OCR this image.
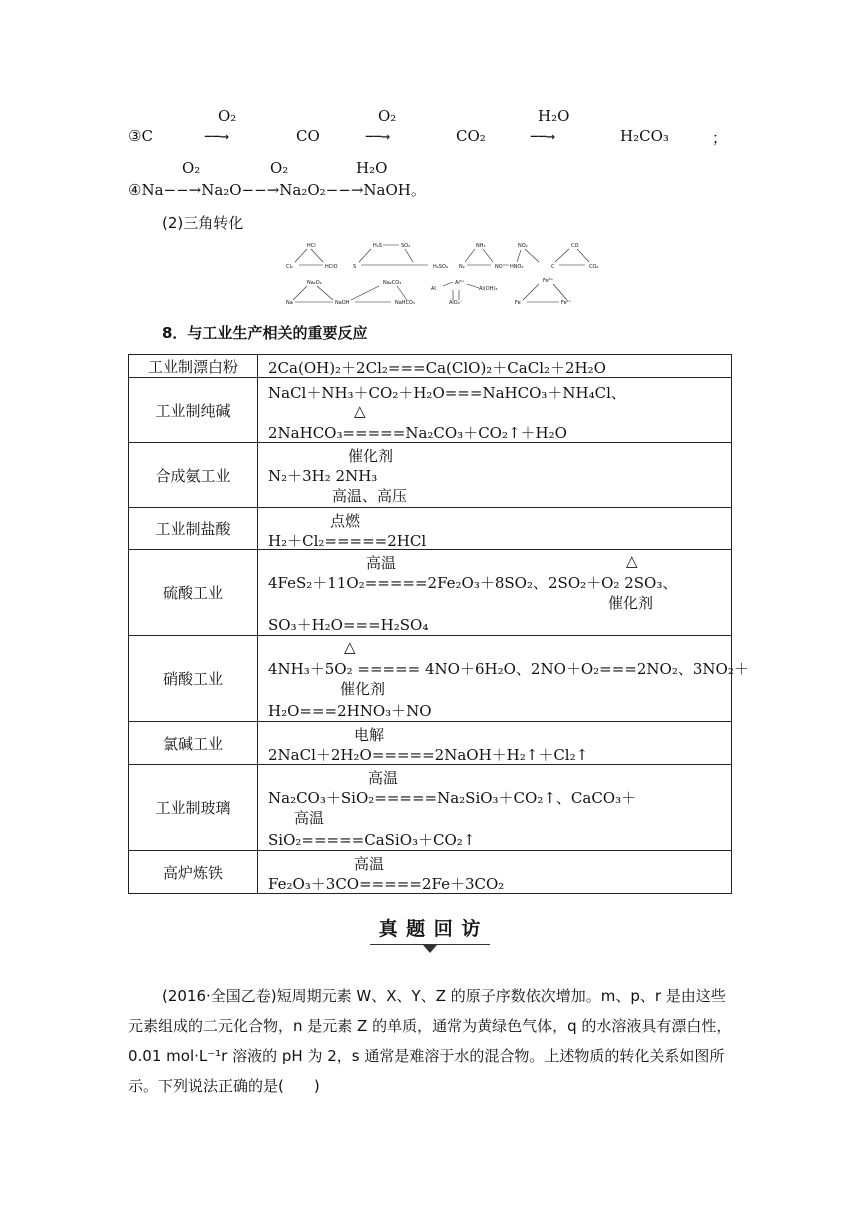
O₂	O₂	H₂O
③C	−−→	CO	−−→	CO₂	−−→	H₂CO₃	；
O₂	O₂	H₂O
④Na−−→Na₂O−−→Na₂O₂−−→NaOH。
(2)三角转化
HCl
Cl₂	HClO
H₂S
S
SO₂
H₂SO₄
NH₃
N₂	NO
NO₂
HNO₃
CO
C	CO₂
Na₂O₂
Na	NaOH
Na₂CO₃
NaHCO₃
Al³⁺
Al	Al(OH)₃
AlO₂⁻
Fe³⁺
Fe	Fe²⁺
8．与工业生产相关的重要反应
工业制漂白粉	2Ca(OH)₂＋2Cl₂===Ca(ClO)₂＋CaCl₂＋2H₂O

工业制纯碱	NaCl＋NH₃＋CO₂＋H₂O===NaHCO₃＋NH₄Cl、
△
2NaHCO₃=====Na₂CO₃＋CO₂↑＋H₂O

合成氨工业	催化剂
N₂＋3H₂ 2NH₃
高温、高压

工业制盐酸	点燃
H₂＋Cl₂=====2HCl

硫酸工业	高温 △
4FeS₂＋11O₂=====2Fe₂O₃＋8SO₂、2SO₂＋O₂ 2SO₃、
催化剂
SO₃＋H₂O===H₂SO₄

硝酸工业	△
4NH₃＋5O₂ ===== 4NO＋6H₂O、2NO＋O₂===2NO₂、3NO₂＋
催化剂
H₂O===2HNO₃＋NO

氯碱工业	电解
2NaCl＋2H₂O=====2NaOH＋H₂↑＋Cl₂↑

工业制玻璃	高温
Na₂CO₃＋SiO₂=====Na₂SiO₃＋CO₂↑、CaCO₃＋
高温
SiO₂=====CaSiO₃＋CO₂↑

高炉炼铁	高温
Fe₂O₃＋3CO=====2Fe＋3CO₂
真 题 回 访
(2016·全国乙卷)短周期元素 W、X、Y、Z 的原子序数依次增加。m、p、r 是由这些元素组成的二元化合物，n 是元素 Z 的单质，通常为黄绿色气体，q 的水溶液具有漂白性，0.01 mol·L⁻¹r 溶液的 pH 为 2，s 通常是难溶于水的混合物。上述物质的转化关系如图所示。下列说法正确的是(　　)
